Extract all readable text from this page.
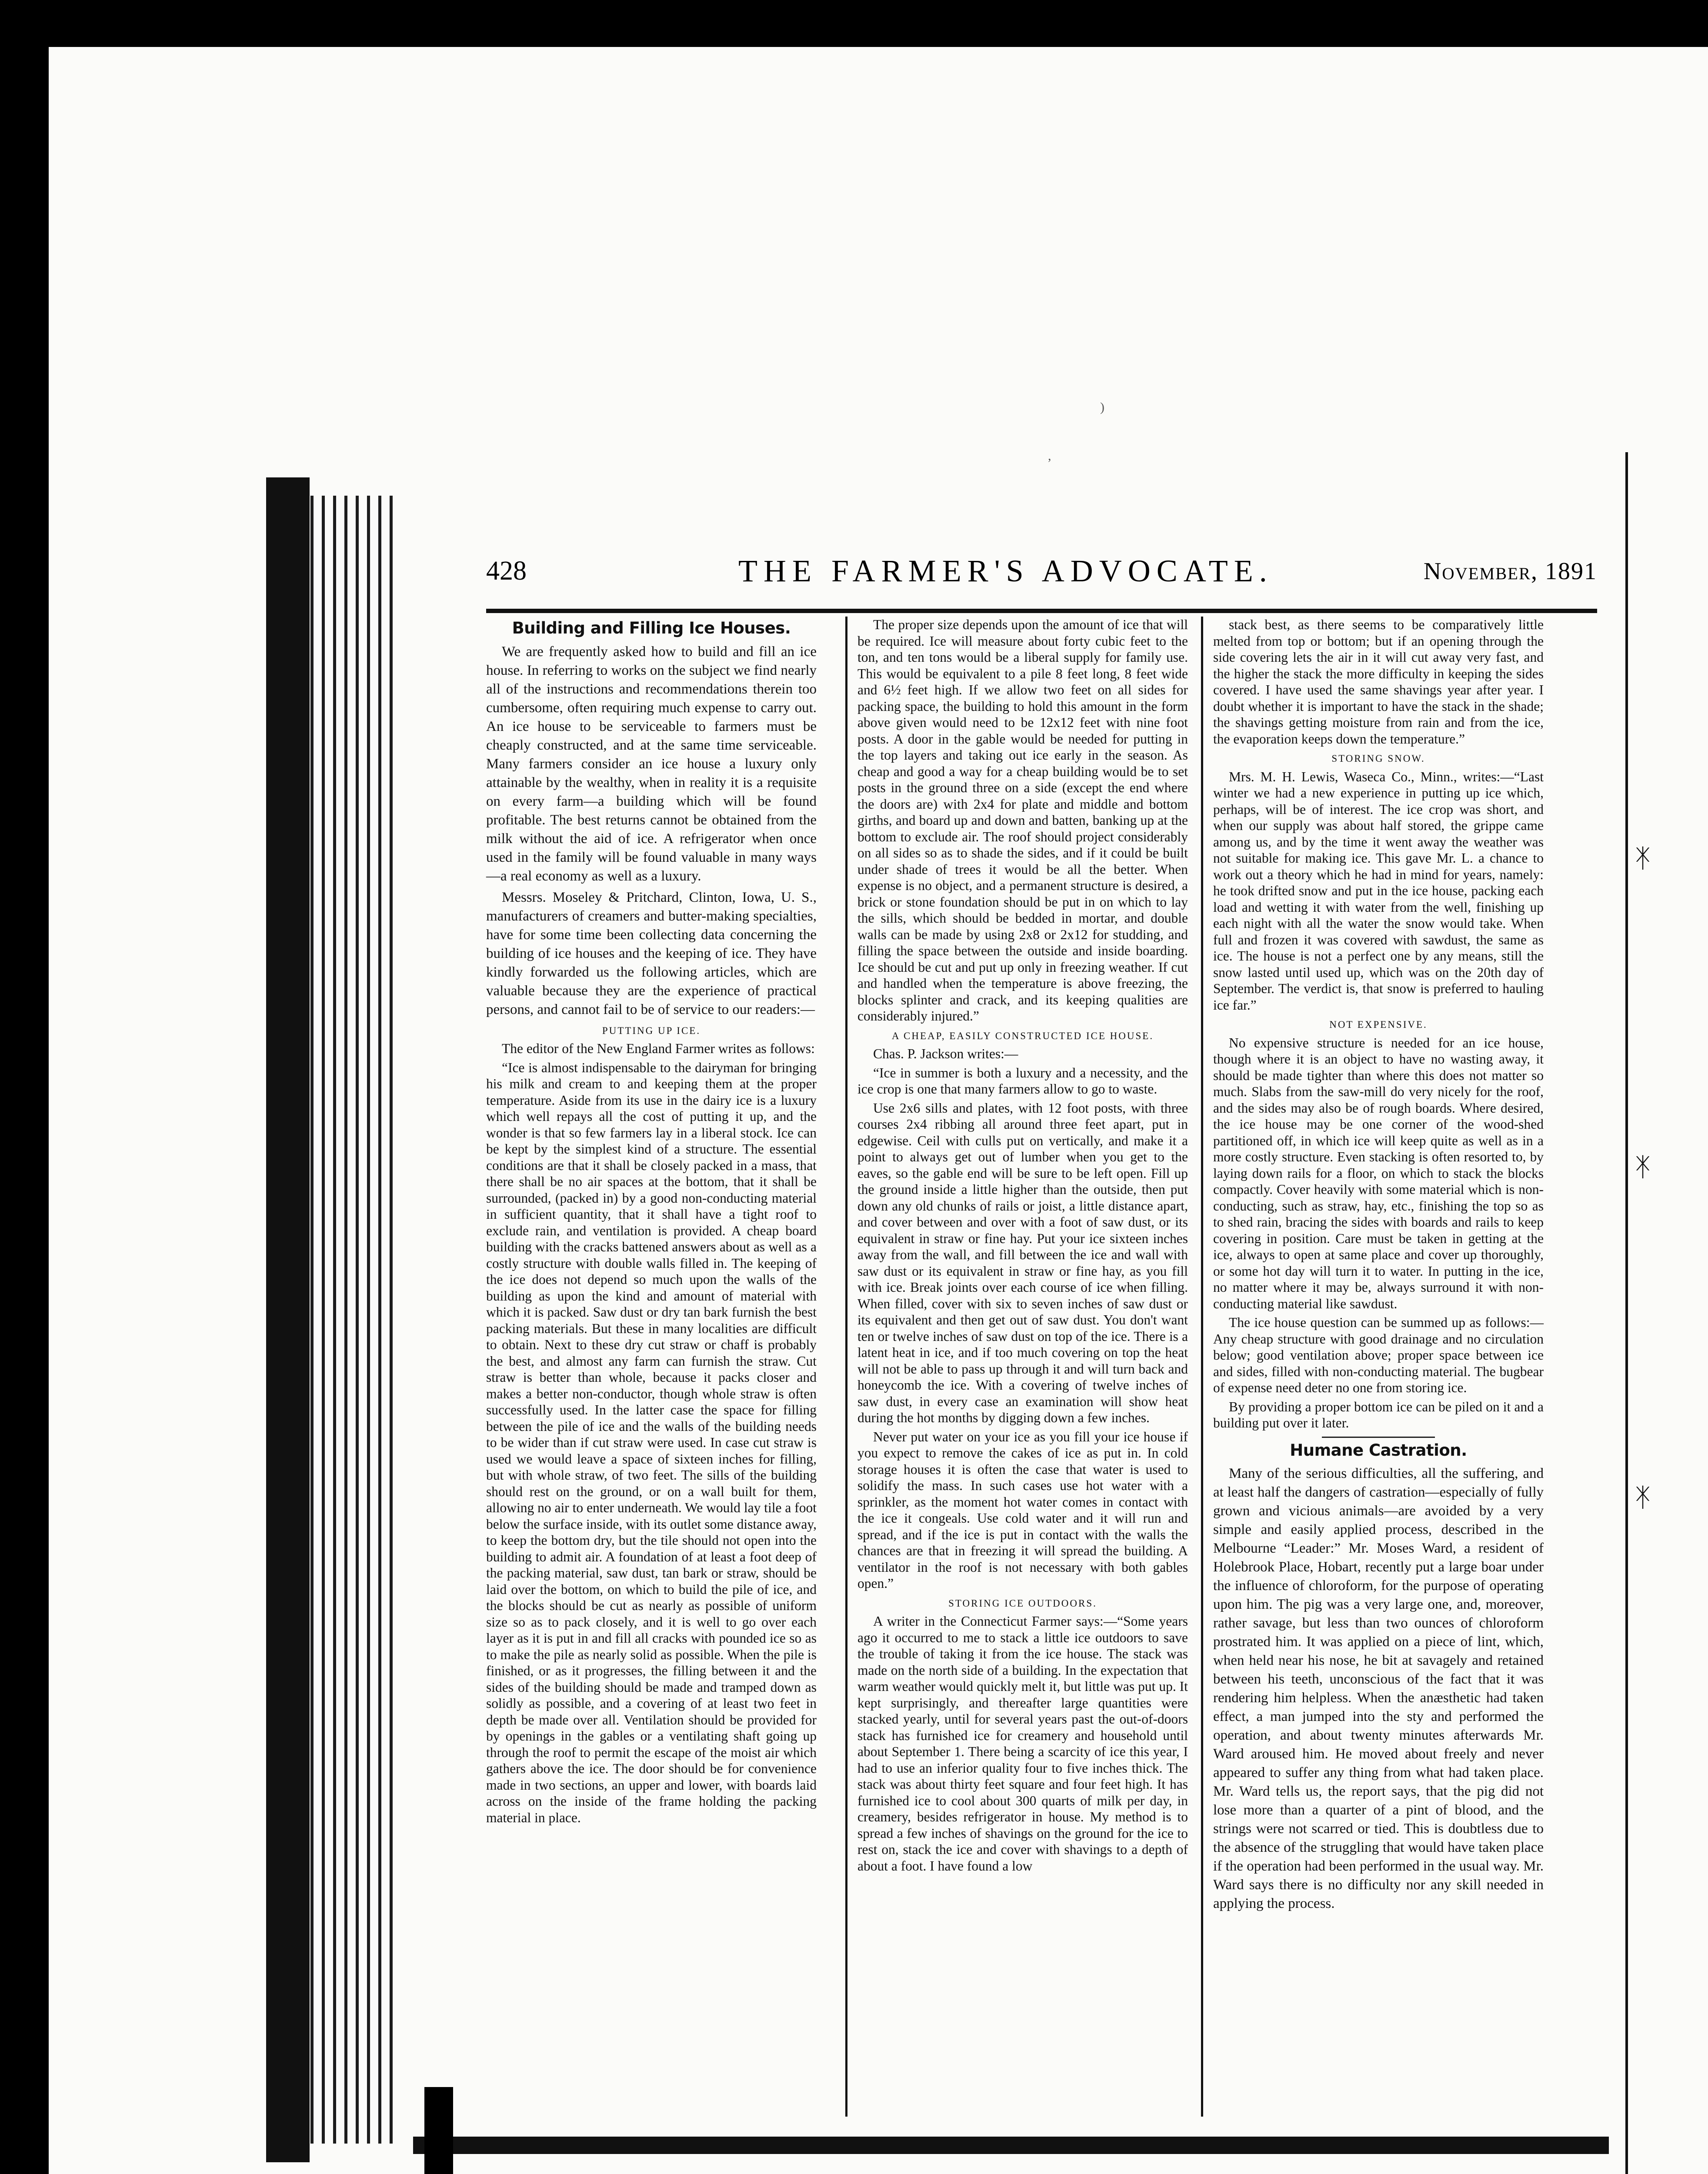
ᛡ
ᛡ
ᛡ
)
,
428	THE FARMER'S ADVOCATE.	November, 1891
Building and Filling Ice Houses.

We are frequently asked how to build and fill an ice house. In referring to works on the subject we find nearly all of the instructions and recommendations therein too cumbersome, often requiring much expense to carry out. An ice house to be serviceable to farmers must be cheaply constructed, and at the same time serviceable. Many farmers consider an ice house a luxury only attainable by the wealthy, when in reality it is a requisite on every farm—a building which will be found profitable. The best returns cannot be obtained from the milk without the aid of ice. A refrigerator when once used in the family will be found valuable in many ways—a real economy as well as a luxury.

Messrs. Moseley & Pritchard, Clinton, Iowa, U. S., manufacturers of creamers and butter-making specialties, have for some time been collecting data concerning the building of ice houses and the keeping of ice. They have kindly forwarded us the following articles, which are valuable because they are the experience of practical persons, and cannot fail to be of service to our readers:—

PUTTING UP ICE.

The editor of the New England Farmer writes as follows:

“Ice is almost indispensable to the dairyman for bringing his milk and cream to and keeping them at the proper temperature. Aside from its use in the dairy ice is a luxury which well repays all the cost of putting it up, and the wonder is that so few farmers lay in a liberal stock. Ice can be kept by the simplest kind of a structure. The essential conditions are that it shall be closely packed in a mass, that there shall be no air spaces at the bottom, that it shall be surrounded, (packed in) by a good non-conducting material in sufficient quantity, that it shall have a tight roof to exclude rain, and ventilation is provided. A cheap board building with the cracks battened answers about as well as a costly structure with double walls filled in. The keeping of the ice does not depend so much upon the walls of the building as upon the kind and amount of material with which it is packed. Saw dust or dry tan bark furnish the best packing materials. But these in many localities are difficult to obtain. Next to these dry cut straw or chaff is probably the best, and almost any farm can furnish the straw. Cut straw is better than whole, because it packs closer and makes a better non-conductor, though whole straw is often successfully used. In the latter case the space for filling between the pile of ice and the walls of the building needs to be wider than if cut straw were used. In case cut straw is used we would leave a space of sixteen inches for filling, but with whole straw, of two feet. The sills of the building should rest on the ground, or on a wall built for them, allowing no air to enter underneath. We would lay tile a foot below the surface inside, with its outlet some distance away, to keep the bottom dry, but the tile should not open into the building to admit air. A foundation of at least a foot deep of the packing material, saw dust, tan bark or straw, should be laid over the bottom, on which to build the pile of ice, and the blocks should be cut as nearly as possible of uniform size so as to pack closely, and it is well to go over each layer as it is put in and fill all cracks with pounded ice so as to make the pile as nearly solid as possible. When the pile is finished, or as it progresses, the filling between it and the sides of the building should be made and tramped down as solidly as possible, and a covering of at least two feet in depth be made over all. Ventilation should be provided for by openings in the gables or a ventilating shaft going up through the roof to permit the escape of the moist air which gathers above the ice. The door should be for convenience made in two sections, an upper and lower, with boards laid across on the inside of the frame holding the packing material in place.

The proper size depends upon the amount of ice that will be required. Ice will measure about forty cubic feet to the ton, and ten tons would be a liberal supply for family use. This would be equivalent to a pile 8 feet long, 8 feet wide and 6½ feet high. If we allow two feet on all sides for packing space, the building to hold this amount in the form above given would need to be 12x12 feet with nine foot posts. A door in the gable would be needed for putting in the top layers and taking out ice early in the season. As cheap and good a way for a cheap building would be to set posts in the ground three on a side (except the end where the doors are) with 2x4 for plate and middle and bottom girths, and board up and down and batten, banking up at the bottom to exclude air. The roof should project considerably on all sides so as to shade the sides, and if it could be built under shade of trees it would be all the better. When expense is no object, and a permanent structure is desired, a brick or stone foundation should be put in on which to lay the sills, which should be bedded in mortar, and double walls can be made by using 2x8 or 2x12 for studding, and filling the space between the outside and inside boarding. Ice should be cut and put up only in freezing weather. If cut and handled when the temperature is above freezing, the blocks splinter and crack, and its keeping qualities are considerably injured.”

A CHEAP, EASILY CONSTRUCTED ICE HOUSE.

Chas. P. Jackson writes:—

“Ice in summer is both a luxury and a necessity, and the ice crop is one that many farmers allow to go to waste.

Use 2x6 sills and plates, with 12 foot posts, with three courses 2x4 ribbing all around three feet apart, put in edgewise. Ceil with culls put on vertically, and make it a point to always get out of lumber when you get to the eaves, so the gable end will be sure to be left open. Fill up the ground inside a little higher than the outside, then put down any old chunks of rails or joist, a little distance apart, and cover between and over with a foot of saw dust, or its equivalent in straw or fine hay. Put your ice sixteen inches away from the wall, and fill between the ice and wall with saw dust or its equivalent in straw or fine hay, as you fill with ice. Break joints over each course of ice when filling. When filled, cover with six to seven inches of saw dust or its equivalent and then get out of saw dust. You don't want ten or twelve inches of saw dust on top of the ice. There is a latent heat in ice, and if too much covering on top the heat will not be able to pass up through it and will turn back and honeycomb the ice. With a covering of twelve inches of saw dust, in every case an examination will show heat during the hot months by digging down a few inches.

Never put water on your ice as you fill your ice house if you expect to remove the cakes of ice as put in. In cold storage houses it is often the case that water is used to solidify the mass. In such cases use hot water with a sprinkler, as the moment hot water comes in contact with the ice it congeals. Use cold water and it will run and spread, and if the ice is put in contact with the walls the chances are that in freezing it will spread the building. A ventilator in the roof is not necessary with both gables open.”

STORING ICE OUTDOORS.

A writer in the Connecticut Farmer says:—“Some years ago it occurred to me to stack a little ice outdoors to save the trouble of taking it from the ice house. The stack was made on the north side of a building. In the expectation that warm weather would quickly melt it, but little was put up. It kept surprisingly, and thereafter large quantities were stacked yearly, until for several years past the out-of-doors stack has furnished ice for creamery and household until about September 1. There being a scarcity of ice this year, I had to use an inferior quality four to five inches thick. The stack was about thirty feet square and four feet high. It has furnished ice to cool about 300 quarts of milk per day, in creamery, besides refrigerator in house. My method is to spread a few inches of shavings on the ground for the ice to rest on, stack the ice and cover with shavings to a depth of about a foot. I have found a low

stack best, as there seems to be comparatively little melted from top or bottom; but if an opening through the side covering lets the air in it will cut away very fast, and the higher the stack the more difficulty in keeping the sides covered. I have used the same shavings year after year. I doubt whether it is important to have the stack in the shade; the shavings getting moisture from rain and from the ice, the evaporation keeps down the temperature.”

STORING SNOW.

Mrs. M. H. Lewis, Waseca Co., Minn., writes:—“Last winter we had a new experience in putting up ice which, perhaps, will be of interest. The ice crop was short, and when our supply was about half stored, the grippe came among us, and by the time it went away the weather was not suitable for making ice. This gave Mr. L. a chance to work out a theory which he had in mind for years, namely: he took drifted snow and put in the ice house, packing each load and wetting it with water from the well, finishing up each night with all the water the snow would take. When full and frozen it was covered with sawdust, the same as ice. The house is not a perfect one by any means, still the snow lasted until used up, which was on the 20th day of September. The verdict is, that snow is preferred to hauling ice far.”

NOT EXPENSIVE.

No expensive structure is needed for an ice house, though where it is an object to have no wasting away, it should be made tighter than where this does not matter so much. Slabs from the saw-mill do very nicely for the roof, and the sides may also be of rough boards. Where desired, the ice house may be one corner of the wood-shed partitioned off, in which ice will keep quite as well as in a more costly structure. Even stacking is often resorted to, by laying down rails for a floor, on which to stack the blocks compactly. Cover heavily with some material which is non-conducting, such as straw, hay, etc., finishing the top so as to shed rain, bracing the sides with boards and rails to keep covering in position. Care must be taken in getting at the ice, always to open at same place and cover up thoroughly, or some hot day will turn it to water. In putting in the ice, no matter where it may be, always surround it with non-conducting material like sawdust.

The ice house question can be summed up as follows:—Any cheap structure with good drainage and no circulation below; good ventilation above; proper space between ice and sides, filled with non-conducting material. The bugbear of expense need deter no one from storing ice.

By providing a proper bottom ice can be piled on it and a building put over it later.

Humane Castration.

Many of the serious difficulties, all the suffering, and at least half the dangers of castration—especially of fully grown and vicious animals—are avoided by a very simple and easily applied process, described in the Melbourne “Leader:” Mr. Moses Ward, a resident of Holebrook Place, Hobart, recently put a large boar under the influence of chloroform, for the purpose of operating upon him. The pig was a very large one, and, moreover, rather savage, but less than two ounces of chloroform prostrated him. It was applied on a piece of lint, which, when held near his nose, he bit at savagely and retained between his teeth, unconscious of the fact that it was rendering him helpless. When the anæsthetic had taken effect, a man jumped into the sty and performed the operation, and about twenty minutes afterwards Mr. Ward aroused him. He moved about freely and never appeared to suffer any thing from what had taken place. Mr. Ward tells us, the report says, that the pig did not lose more than a quarter of a pint of blood, and the strings were not scarred or tied. This is doubtless due to the absence of the struggling that would have taken place if the operation had been performed in the usual way. Mr. Ward says there is no difficulty nor any skill needed in applying the process.
